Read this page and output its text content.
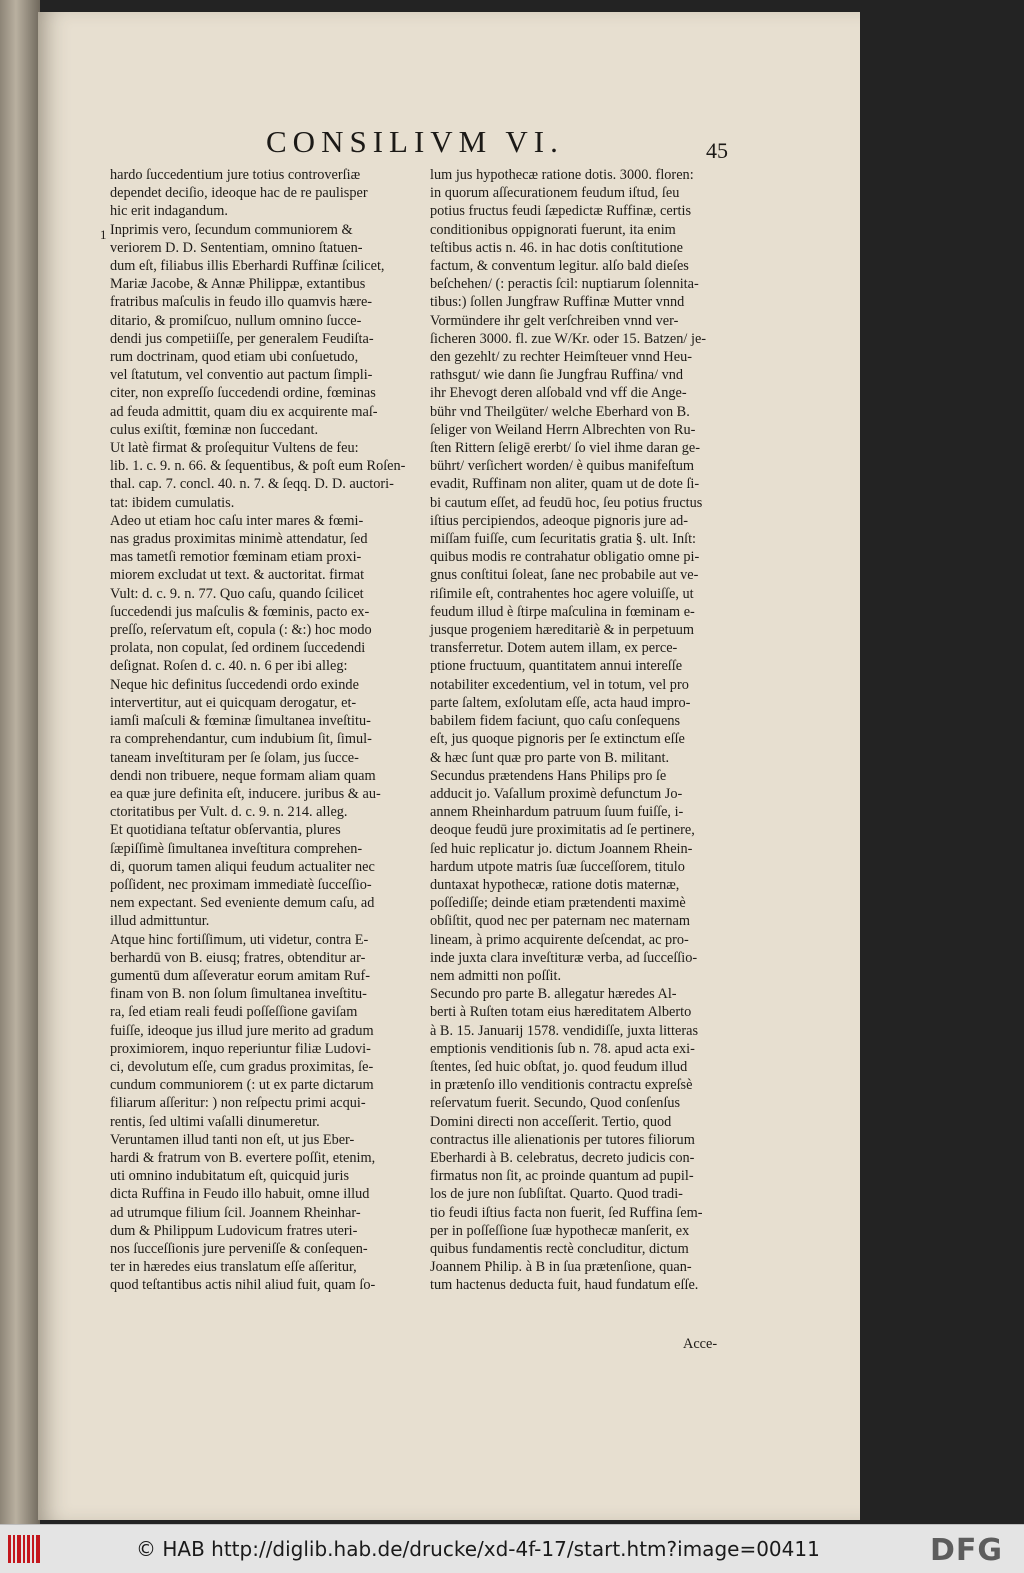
CONSILIVM VI.	45
1
hardo ſuccedentium jure totius controverſiæ
dependet deciſio, ideoque hac de re paulisper
hic erit indagandum.
Inprimis vero, ſecundum communiorem &
veriorem D. D. Sententiam, omnino ſtatuen-
dum eſt, filiabus illis Eberhardi Ruffinæ ſcilicet,
Mariæ Jacobe, & Annæ Philippæ, extantibus
fratribus maſculis in feudo illo quamvis hære-
ditario, & promiſcuo, nullum omnino ſucce-
dendi jus competiiſſe, per generalem Feudiſta-
rum doctrinam, quod etiam ubi conſuetudo,
vel ſtatutum, vel conventio aut pactum ſimpli-
citer, non expreſſo ſuccedendi ordine, fœminas
ad feuda admittit, quam diu ex acquirente maſ-
culus exiſtit, fœminæ non ſuccedant.
Ut latè firmat & proſequitur Vultens de feu:
lib. 1. c. 9. n. 66. & ſequentibus, & poſt eum Roſen-
thal. cap. 7. concl. 40. n. 7. & ſeqq. D. D. auctori-
tat: ibidem cumulatis.
Adeo ut etiam hoc caſu inter mares & fœmi-
nas gradus proximitas minimè attendatur, ſed
mas tametſi remotior fœminam etiam proxi-
miorem excludat ut text. & auctoritat. firmat
Vult: d. c. 9. n. 77. Quo caſu, quando ſcilicet
ſuccedendi jus maſculis & fœminis, pacto ex-
preſſo, reſervatum eſt, copula (: &:) hoc modo
prolata, non copulat, ſed ordinem ſuccedendi
deſignat. Roſen d. c. 40. n. 6 per ibi alleg:
Neque hic definitus ſuccedendi ordo exinde
intervertitur, aut ei quicquam derogatur, et-
iamſi maſculi & fœminæ ſimultanea inveſtitu-
ra comprehendantur, cum indubium ſit, ſimul-
taneam inveſtituram per ſe ſolam, jus ſucce-
dendi non tribuere, neque formam aliam quam
ea quæ jure definita eſt, inducere. juribus & au-
ctoritatibus per Vult. d. c. 9. n. 214. alleg.
Et quotidiana teſtatur obſervantia, plures
ſæpiſſimè ſimultanea inveſtitura comprehen-
di, quorum tamen aliqui feudum actualiter nec
poſſident, nec proximam immediatè ſucceſſio-
nem expectant. Sed eveniente demum caſu, ad
illud admittuntur.
Atque hinc fortiſſimum, uti videtur, contra E-
berhardū von B. eiusq; fratres, obtenditur ar-
gumentū dum aſſeveratur eorum amitam Ruf-
finam von B. non ſolum ſimultanea inveſtitu-
ra, ſed etiam reali feudi poſſeſſione gaviſam
fuiſſe, ideoque jus illud jure merito ad gradum
proximiorem, inquo reperiuntur filiæ Ludovi-
ci, devolutum eſſe, cum gradus proximitas, ſe-
cundum communiorem (: ut ex parte dictarum
filiarum aſſeritur: ) non reſpectu primi acqui-
rentis, ſed ultimi vaſalli dinumeretur.
Veruntamen illud tanti non eſt, ut jus Eber-
hardi & fratrum von B. evertere poſſit, etenim,
uti omnino indubitatum eſt, quicquid juris
dicta Ruffina in Feudo illo habuit, omne illud
ad utrumque filium ſcil. Joannem Rheinhar-
dum & Philippum Ludovicum fratres uteri-
nos ſucceſſionis jure perveniſſe & conſequen-
ter in hæredes eius translatum eſſe aſſeritur,
quod teſtantibus actis nihil aliud fuit, quam ſo-
lum jus hypothecæ ratione dotis. 3000. floren:
in quorum aſſecurationem feudum iſtud, ſeu
potius fructus feudi ſæpedictæ Ruffinæ, certis
conditionibus oppignorati fuerunt, ita enim
teſtibus actis n. 46. in hac dotis conſtitutione
factum, & conventum legitur. alſo bald dieſes
beſchehen/ (: peractis ſcil: nuptiarum ſolennita-
tibus:) ſollen Jungfraw Ruffinæ Mutter vnnd
Vormündere ihr gelt verſchreiben vnnd ver-
ſicheren 3000. fl. zue W/Kr. oder 15. Batzen/ je-
den gezehlt/ zu rechter Heimſteuer vnnd Heu-
rathsgut/ wie dann ſie Jungfrau Ruffina/ vnd
ihr Ehevogt deren alſobald vnd vff die Ange-
bühr vnd Theilgüter/ welche Eberhard von B.
ſeliger von Weiland Herrn Albrechten von Ru-
ſten Rittern ſeligē ererbt/ ſo viel ihme daran ge-
bührt/ verſichert worden/ è quibus manifeſtum
evadit, Ruffinam non aliter, quam ut de dote ſi-
bi cautum eſſet, ad feudū hoc, ſeu potius fructus
iſtius percipiendos, adeoque pignoris jure ad-
miſſam fuiſſe, cum ſecuritatis gratia §. ult. Inſt:
quibus modis re contrahatur obligatio omne pi-
gnus conſtitui ſoleat, ſane nec probabile aut ve-
riſimile eſt, contrahentes hoc agere voluiſſe, ut
feudum illud è ſtirpe maſculina in fœminam e-
jusque progeniem hæreditariè & in perpetuum
transferretur. Dotem autem illam, ex perce-
ptione fructuum, quantitatem annui intereſſe
notabiliter excedentium, vel in totum, vel pro
parte ſaltem, exſolutam eſſe, acta haud impro-
babilem fidem faciunt, quo caſu conſequens
eſt, jus quoque pignoris per ſe extinctum eſſe
& hæc ſunt quæ pro parte von B. militant.
Secundus prætendens Hans Philips pro ſe
adducit jo. Vaſallum proximè defunctum Jo-
annem Rheinhardum patruum ſuum fuiſſe, i-
deoque feudū jure proximitatis ad ſe pertinere,
ſed huic replicatur jo. dictum Joannem Rhein-
hardum utpote matris ſuæ ſucceſſorem, titulo
duntaxat hypothecæ, ratione dotis maternæ,
poſſediſſe; deinde etiam prætendenti maximè
obſiſtit, quod nec per paternam nec maternam
lineam, à primo acquirente deſcendat, ac pro-
inde juxta clara inveſtituræ verba, ad ſucceſſio-
nem admitti non poſſit.
Secundo pro parte B. allegatur hæredes Al-
berti à Ruſten totam eius hæreditatem Alberto
à B. 15. Januarij 1578. vendidiſſe, juxta litteras
emptionis venditionis ſub n. 78. apud acta exi-
ſtentes, ſed huic obſtat, jo. quod feudum illud
in prætenſo illo venditionis contractu expreſsè
reſervatum fuerit. Secundo, Quod conſenſus
Domini directi non acceſſerit. Tertio, quod
contractus ille alienationis per tutores filiorum
Eberhardi à B. celebratus, decreto judicis con-
firmatus non ſit, ac proinde quantum ad pupil-
los de jure non ſubſiſtat. Quarto. Quod tradi-
tio feudi iſtius facta non fuerit, ſed Ruffina ſem-
per in poſſeſſione ſuæ hypothecæ manſerit, ex
quibus fundamentis rectè concluditur, dictum
Joannem Philip. à B in ſua prætenſione, quan-
tum hactenus deducta fuit, haud fundatum eſſe.
Acce-
© HAB http://diglib.hab.de/drucke/xd-4f-17/start.htm?image=00411	DFG
